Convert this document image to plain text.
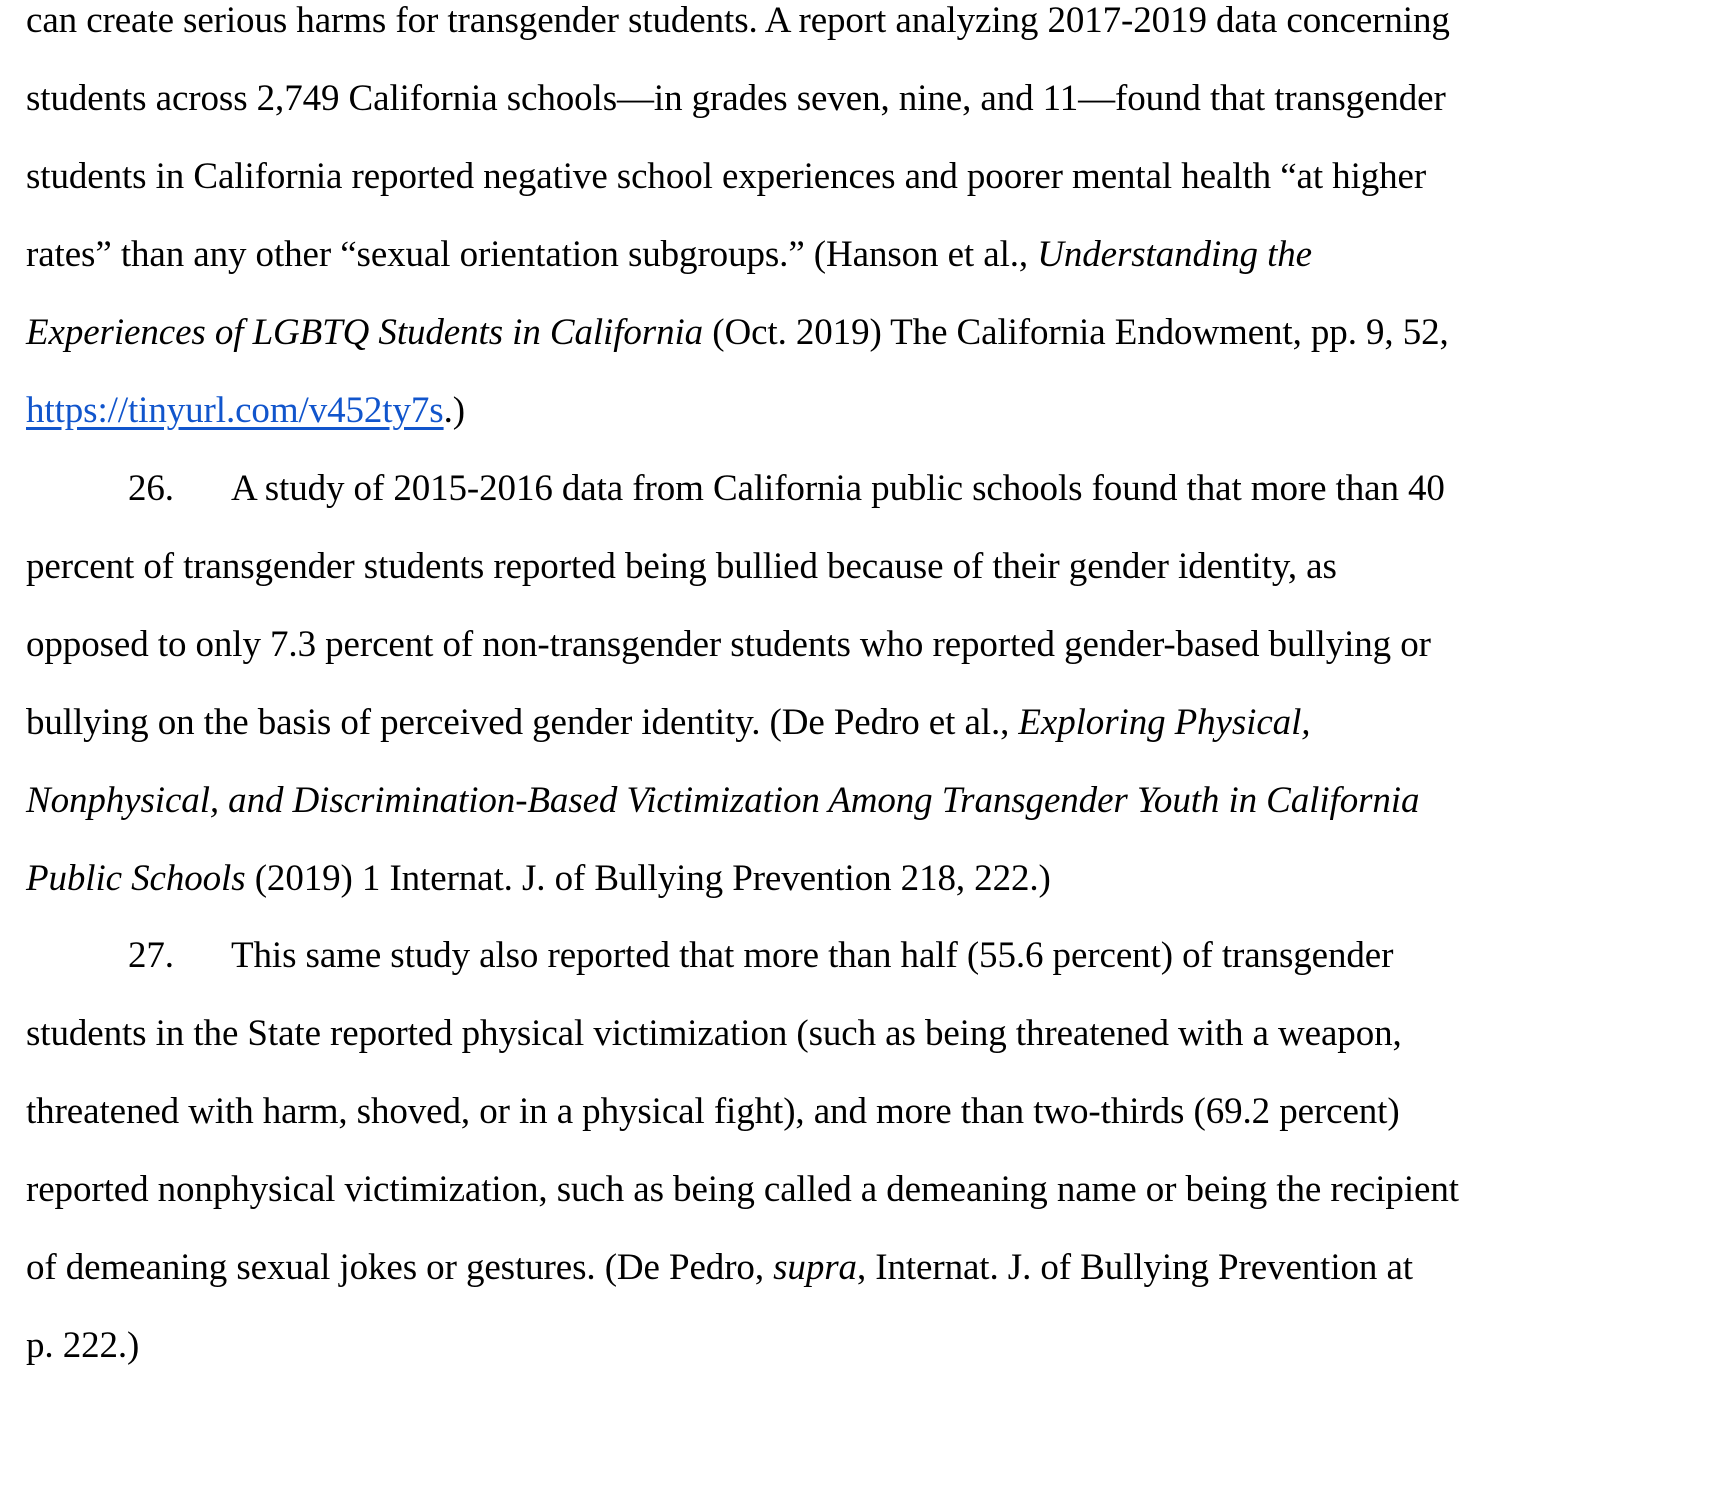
can create serious harms for transgender students. A report analyzing 2017-2019 data concerning
students across 2,749 California schools—in grades seven, nine, and 11—found that transgender
students in California reported negative school experiences and poorer mental health “at higher
rates” than any other “sexual orientation subgroups.” (Hanson et al., Understanding the
Experiences of LGBTQ Students in California (Oct. 2019) The California Endowment, pp. 9, 52,
https://tinyurl.com/v452ty7s.)
26. A study of 2015-2016 data from California public schools found that more than 40
percent of transgender students reported being bullied because of their gender identity, as
opposed to only 7.3 percent of non-transgender students who reported gender-based bullying or
bullying on the basis of perceived gender identity. (De Pedro et al., Exploring Physical,
Nonphysical, and Discrimination-Based Victimization Among Transgender Youth in California
Public Schools (2019) 1 Internat. J. of Bullying Prevention 218, 222.)
27. This same study also reported that more than half (55.6 percent) of transgender
students in the State reported physical victimization (such as being threatened with a weapon,
threatened with harm, shoved, or in a physical fight), and more than two-thirds (69.2 percent)
reported nonphysical victimization, such as being called a demeaning name or being the recipient
of demeaning sexual jokes or gestures. (De Pedro, supra, Internat. J. of Bullying Prevention at
p. 222.)
